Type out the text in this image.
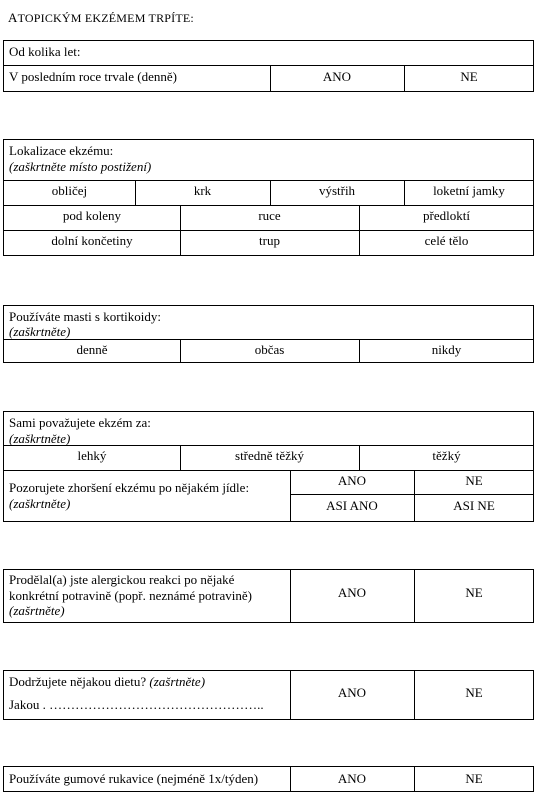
ATOPICKÝM EKZÉMEM TRPÍTE:
Od kolika let:
V posledním roce trvale (denně)	ANO	NE
Lokalizace ekzému:
(zaškrtněte místo postižení)
obličej	krk	výstřih	loketní jamky
pod koleny	ruce	předloktí
dolní končetiny	trup	celé tělo
Používáte masti s kortikoidy:
(zaškrtněte)
denně	občas	nikdy
Sami považujete ekzém za:
(zaškrtněte)
lehký	středně těžký	těžký
Pozorujete zhoršení ekzému po nějakém jídle:
(zaškrtněte)
ANO	NE
ASI ANO	ASI NE
Prodělal(a) jste alergickou reakci po nějaké
konkrétní potravině (popř. neznámé potravině)
(zašrtněte)
ANO	NE
Dodržujete nějakou dietu? (zašrtněte)
Jakou . …………………………………………..
ANO	NE
Používáte gumové rukavice (nejméně 1x/týden)	ANO	NE
